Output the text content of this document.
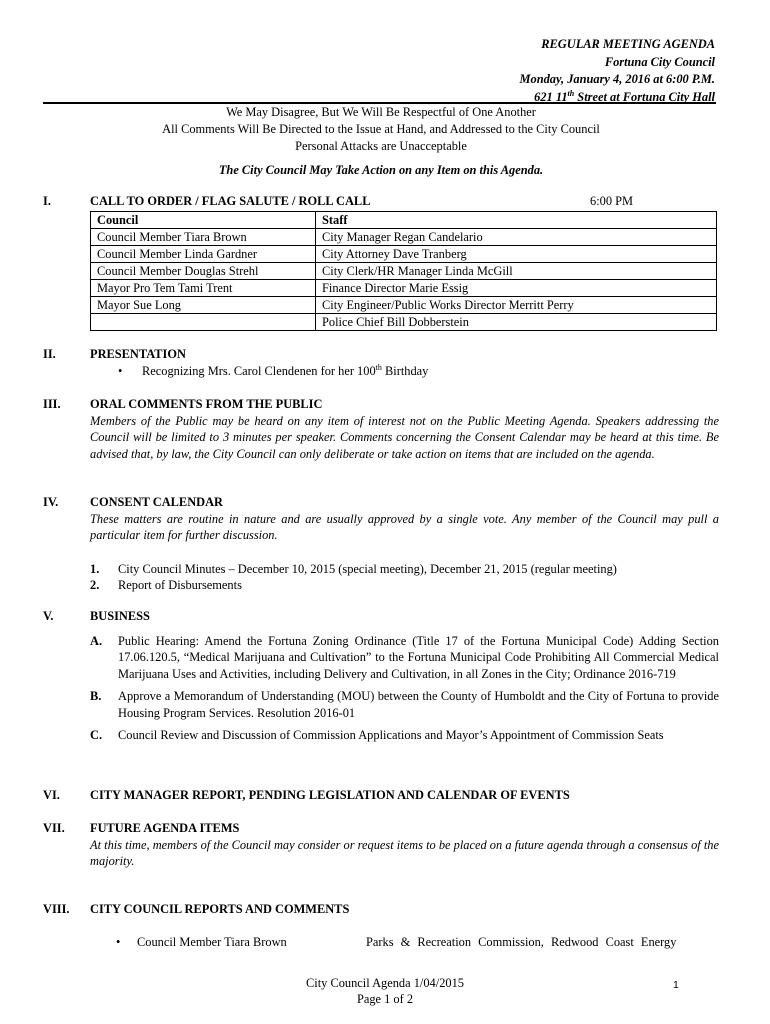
REGULAR MEETING AGENDA
Fortuna City Council
Monday, January 4, 2016 at 6:00 P.M.
621 11th Street at Fortuna City Hall
We May Disagree, But We Will Be Respectful of One Another
All Comments Will Be Directed to the Issue at Hand, and Addressed to the City Council
Personal Attacks are Unacceptable
The City Council May Take Action on any Item on this Agenda.
I.	CALL TO ORDER / FLAG SALUTE / ROLL CALL	6:00 PM
Council	Staff
Council Member Tiara Brown	City Manager Regan Candelario
Council Member Linda Gardner	City Attorney Dave Tranberg
Council Member Douglas Strehl	City Clerk/HR Manager Linda McGill
Mayor Pro Tem Tami Trent	Finance Director Marie Essig
Mayor Sue Long	City Engineer/Public Works Director Merritt Perry
	Police Chief Bill Dobberstein
II.	PRESENTATION
• Recognizing Mrs. Carol Clendenen for her 100th Birthday
III. ORAL COMMENTS FROM THE PUBLIC
Members of the Public may be heard on any item of interest not on the Public Meeting Agenda. Speakers addressing the Council will be limited to 3 minutes per speaker. Comments concerning the Consent Calendar may be heard at this time. Be advised that, by law, the City Council can only deliberate or take action on items that are included on the agenda.
IV.	CONSENT CALENDAR
These matters are routine in nature and are usually approved by a single vote. Any member of the Council may pull a particular item for further discussion.
1. City Council Minutes – December 10, 2015 (special meeting), December 21, 2015 (regular meeting)
2. Report of Disbursements
V.	BUSINESS
A. Public Hearing: Amend the Fortuna Zoning Ordinance (Title 17 of the Fortuna Municipal Code) Adding Section 17.06.120.5, “Medical Marijuana and Cultivation” to the Fortuna Municipal Code Prohibiting All Commercial Medical Marijuana Uses and Activities, including Delivery and Cultivation, in all Zones in the City; Ordinance 2016-719
B. Approve a Memorandum of Understanding (MOU) between the County of Humboldt and the City of Fortuna to provide Housing Program Services. Resolution 2016-01
C. Council Review and Discussion of Commission Applications and Mayor’s Appointment of Commission Seats
VI. CITY MANAGER REPORT, PENDING LEGISLATION AND CALENDAR OF EVENTS
VII. FUTURE AGENDA ITEMS
At this time, members of the Council may consider or request items to be placed on a future agenda through a consensus of the majority.
VIII. CITY COUNCIL REPORTS AND COMMENTS
• Council Member Tiara Brown	Parks & Recreation Commission, Redwood Coast Energy
City Council Agenda 1/04/2015
Page 1 of 2
1
